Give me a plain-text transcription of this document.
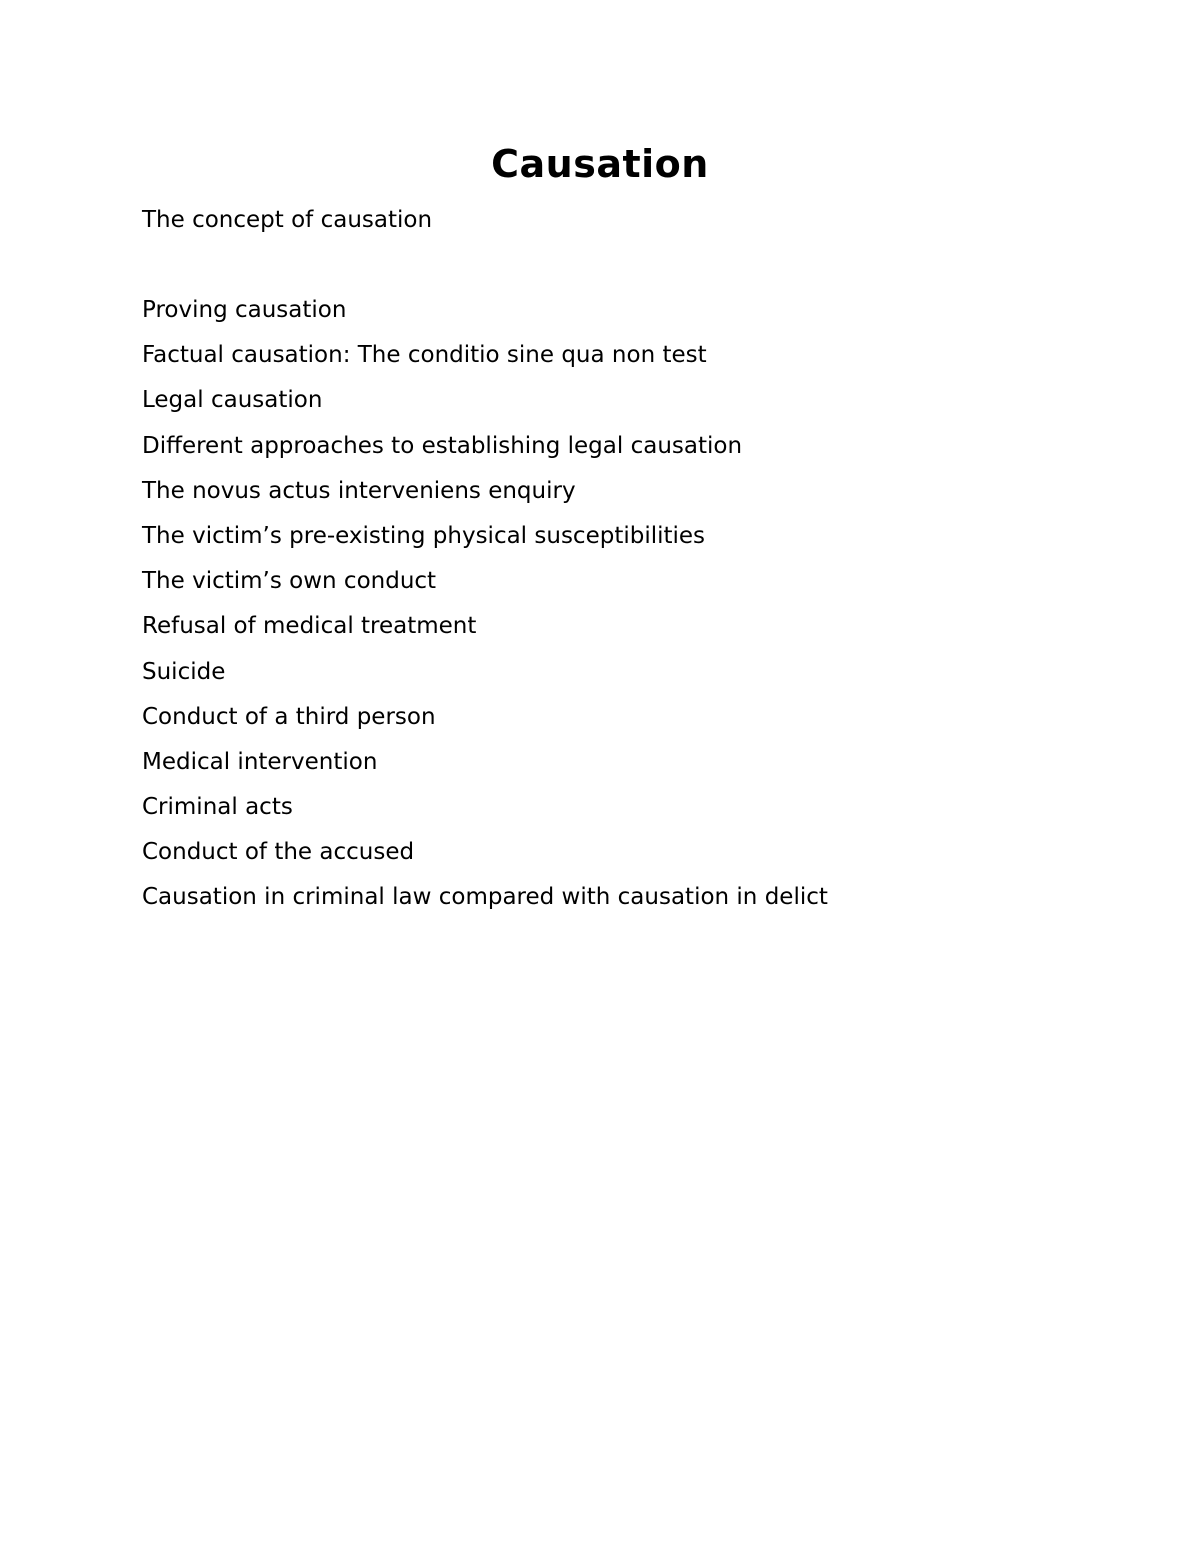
Causation

The concept of causation

Proving causation
Factual causation: The conditio sine qua non test
Legal causation
Different approaches to establishing legal causation
The novus actus interveniens enquiry
The victim’s pre-existing physical susceptibilities
The victim’s own conduct
Refusal of medical treatment
Suicide
Conduct of a third person
Medical intervention
Criminal acts
Conduct of the accused
Causation in criminal law compared with causation in delict
